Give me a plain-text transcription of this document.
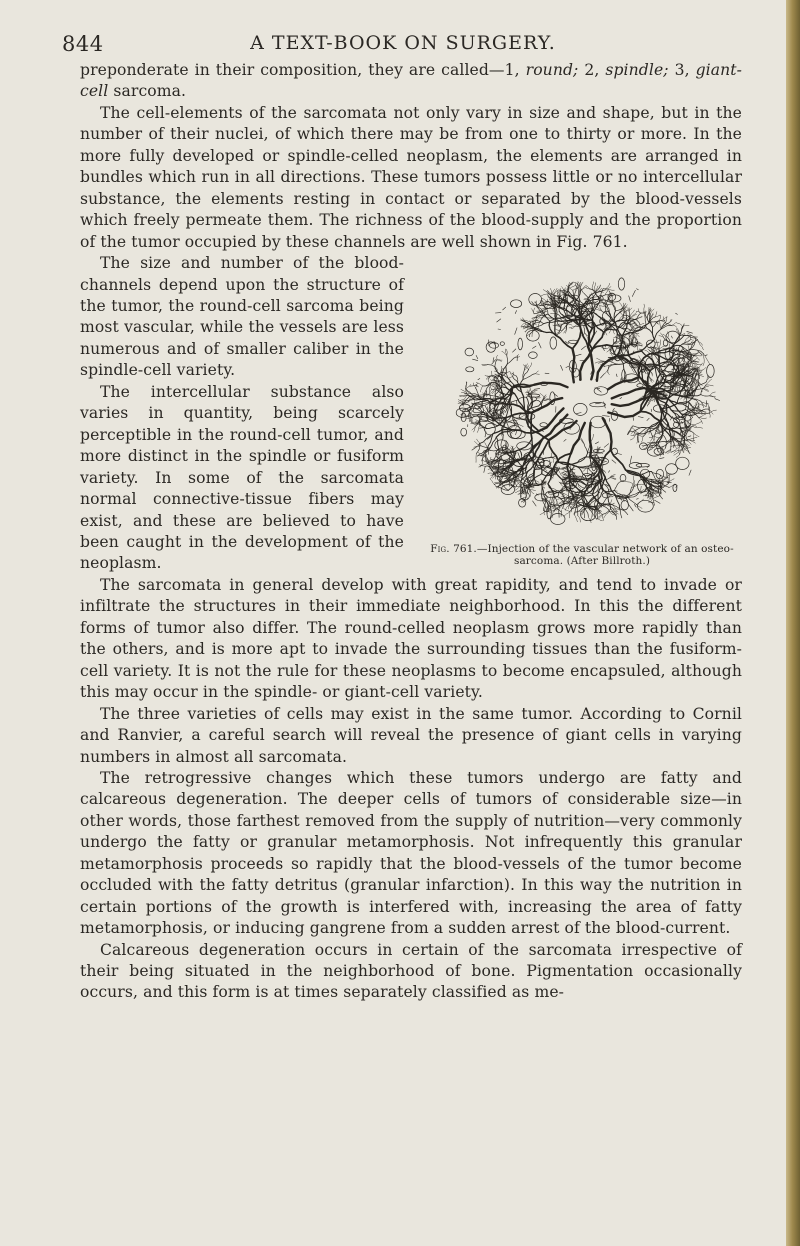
844	A TEXT-BOOK ON SURGERY.

preponderate in their composition, they are called—1, round; 2, spindle; 3, giant-cell sarcoma.

The cell-elements of the sarcomata not only vary in size and shape, but in the number of their nuclei, of which there may be from one to thirty or more. In the more fully developed or spindle-celled neoplasm, the elements are arranged in bundles which run in all directions. These tumors possess little or no intercellular substance, the elements resting in contact or separated by the blood-vessels which freely permeate them. The richness of the blood-supply and the proportion of the tumor occupied by these channels are well shown in Fig. 761.

Fig. 761.—Injection of the vascular network of an osteo-sarcoma. (After Billroth.)

The size and number of the blood-channels depend upon the structure of the tumor, the round-cell sarcoma being most vascular, while the vessels are less numerous and of smaller caliber in the spindle-cell variety.

The intercellular substance also varies in quantity, being scarcely perceptible in the round-cell tumor, and more distinct in the spindle or fusiform variety. In some of the sarcomata normal connective-tissue fibers may exist, and these are believed to have been caught in the development of the neoplasm.

The sarcomata in general develop with great rapidity, and tend to invade or infiltrate the structures in their immediate neighborhood. In this the different forms of tumor also differ. The round-celled neoplasm grows more rapidly than the others, and is more apt to invade the surrounding tissues than the fusiform-cell variety. It is not the rule for these neoplasms to become encapsuled, although this may occur in the spindle- or giant-cell variety.

The three varieties of cells may exist in the same tumor. According to Cornil and Ranvier, a careful search will reveal the presence of giant cells in varying numbers in almost all sarcomata.

The retrogressive changes which these tumors undergo are fatty and calcareous degeneration. The deeper cells of tumors of considerable size—in other words, those farthest removed from the supply of nutrition—very commonly undergo the fatty or granular metamorphosis. Not infrequently this granular metamorphosis proceeds so rapidly that the blood-vessels of the tumor become occluded with the fatty detritus (granular infarction). In this way the nutrition in certain portions of the growth is interfered with, increasing the area of fatty metamorphosis, or inducing gangrene from a sudden arrest of the blood-current.

Calcareous degeneration occurs in certain of the sarcomata irrespective of their being situated in the neighborhood of bone. Pigmentation occasionally occurs, and this form is at times separately classified as me-
